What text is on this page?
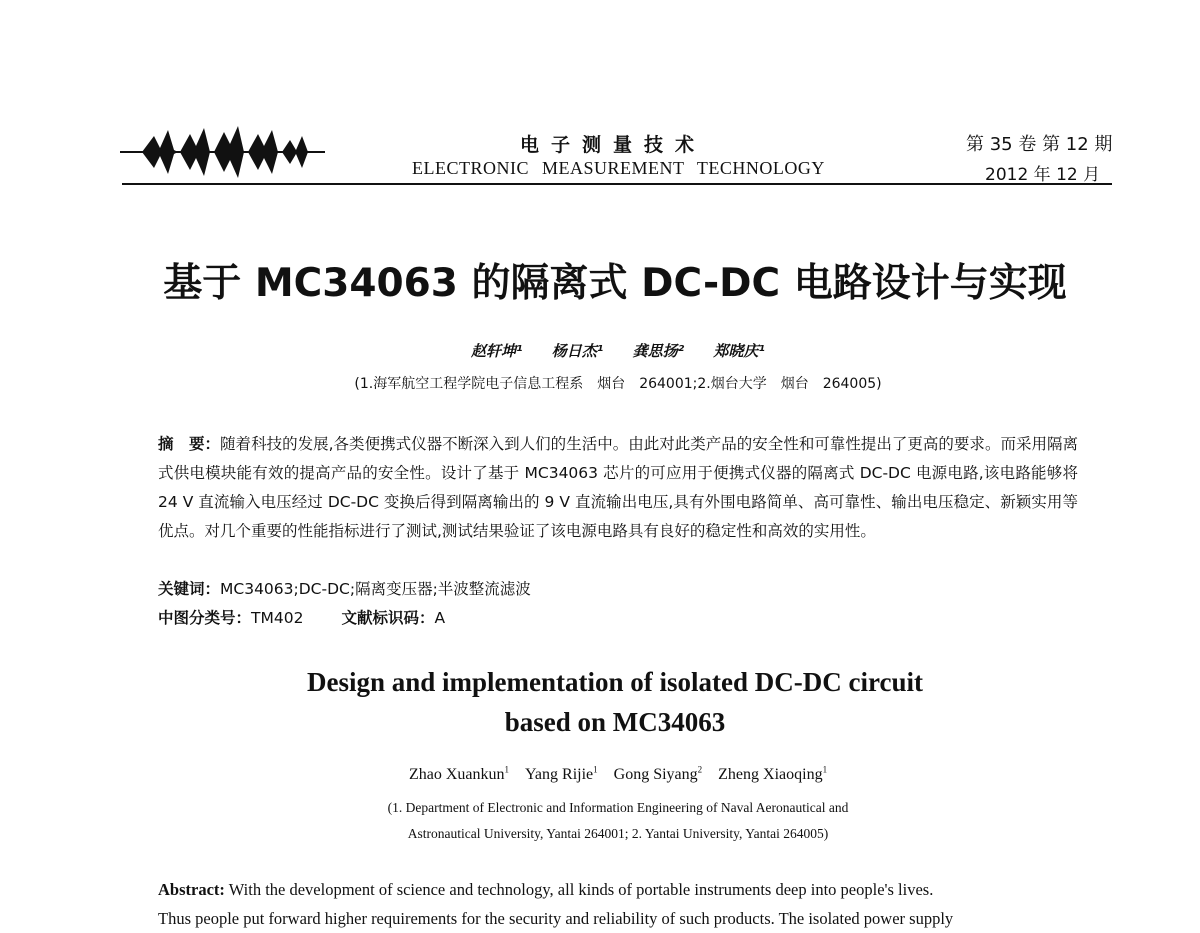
电子测量技术
ELECTRONIC MEASUREMENT TECHNOLOGY
第 35 卷 第 12 期
2012 年 12 月
基于 MC34063 的隔离式 DC-DC 电路设计与实现
赵轩坤¹ 杨日杰¹ 龚思扬² 郑晓庆¹
(1.海军航空工程学院电子信息工程系　烟台　264001;2.烟台大学　烟台　264005)
摘　要：随着科技的发展,各类便携式仪器不断深入到人们的生活中。由此对此类产品的安全性和可靠性提出了更高的要求。而采用隔离式供电模块能有效的提高产品的安全性。设计了基于 MC34063 芯片的可应用于便携式仪器的隔离式 DC-DC 电源电路,该电路能够将 24 V 直流输入电压经过 DC-DC 变换后得到隔离输出的 9 V 直流输出电压,具有外围电路简单、高可靠性、输出电压稳定、新颖实用等优点。对几个重要的性能指标进行了测试,测试结果验证了该电源电路具有良好的稳定性和高效的实用性。
关键词：MC34063;DC-DC;隔离变压器;半波整流滤波
中图分类号：TM402 文献标识码：A
Design and implementation of isolated DC-DC circuit
based on MC34063
Zhao Xuankun$^1$ Yang Rijie$^1$ Gong Siyang$^2$ Zheng Xiaoqing$^1$
(1. Department of Electronic and Information Engineering of Naval Aeronautical and
Astronautical University, Yantai 264001; 2. Yantai University, Yantai 264005)
Abstract: With the development of science and technology, all kinds of portable instruments deep into people's lives.
Thus people put forward higher requirements for the security and reliability of such products. The isolated power supply
